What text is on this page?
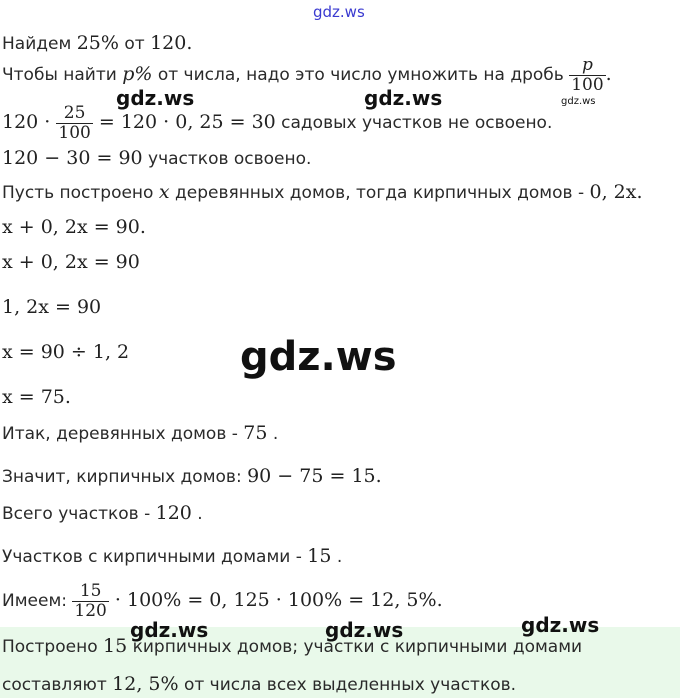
gdz.ws
Найдем 25% от 120.
Чтобы найти p% от числа, надо это число умножить на дробь $\frac{p}{100}$ .
gdz.ws
gdz.ws	gdz.ws
$120 \cdot \frac{25}{100} = 120 \cdot 0$, 25 = 30 садовых участков не освоено.
120 − 30 = 90 участков освоено.
Пусть построено x деревянных домов, тогда кирпичных домов - 0, 2x.
x + 0, 2x = 90.
x + 0, 2x = 90
1, 2x = 90
x = 90 ÷ 1, 2
x = 75.
gdz.ws
Итак, деревянных домов - 75 .
Значит, кирпичных домов: 90 − 75 = 15.
Всего участков - 120 .
Участков с кирпичными домами - 15 .
Имеем: $\frac{15}{120} \cdot 100\% = 0$, 125 · 100% = 12, 5%.
Построено 15 кирпичных домов; участки с кирпичными домами
составляют 12, 5% от числа всех выделенных участков.
gdz.ws	gdz.ws	gdz.ws
